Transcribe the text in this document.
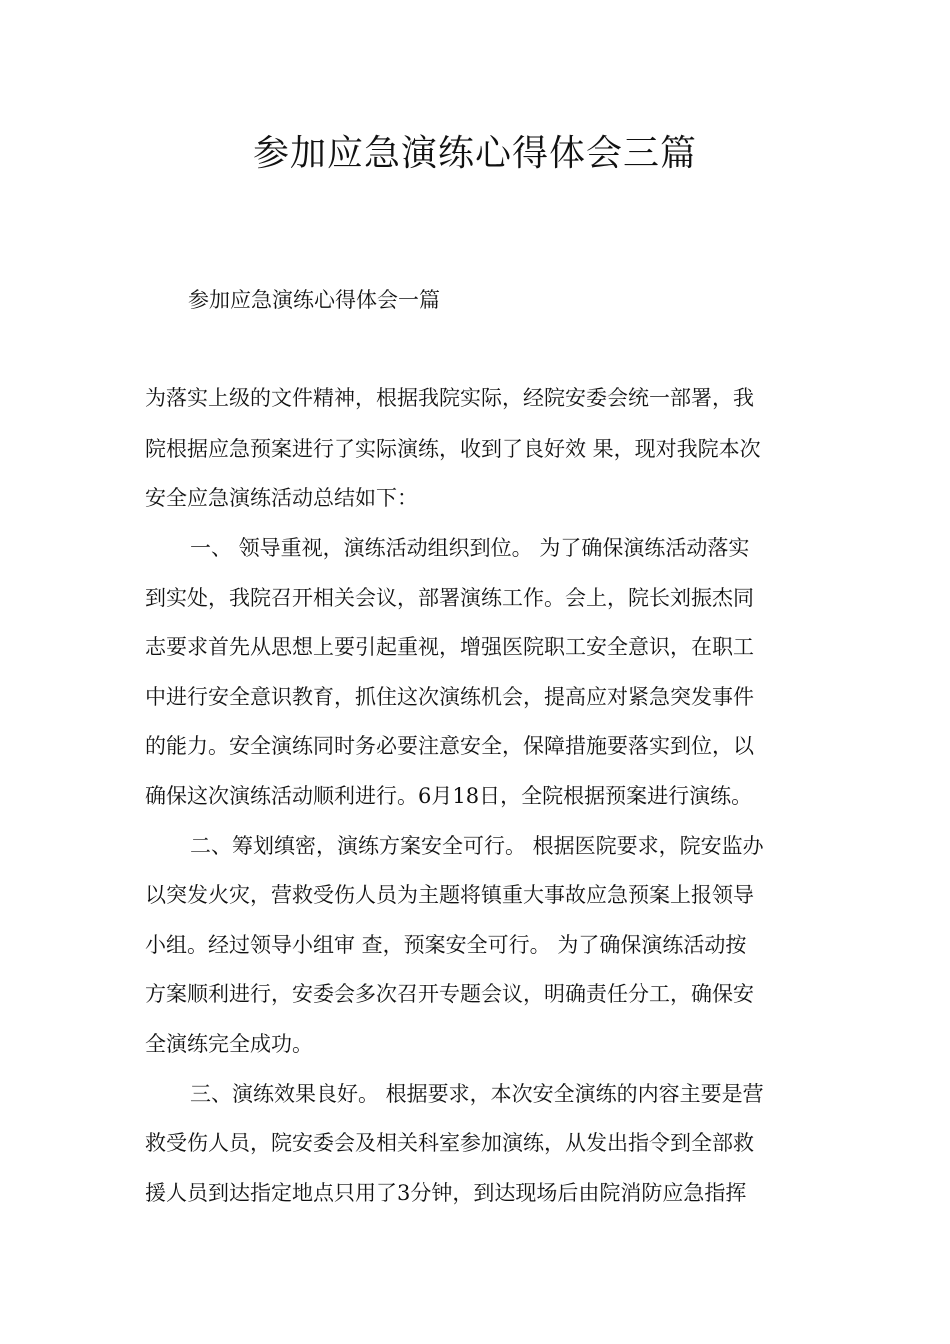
参加应急演练心得体会三篇

参加应急演练心得体会一篇

为落实上级的文件精神，根据我院实际，经院安委会统一部署，我

院根据应急预案进行了实际演练，收到了良好效 果，现对我院本次

安全应急演练活动总结如下：

一、 领导重视，演练活动组织到位。 为了确保演练活动落实

到实处，我院召开相关会议，部署演练工作。会上，院长刘振杰同

志要求首先从思想上要引起重视，增强医院职工安全意识，在职工

中进行安全意识教育，抓住这次演练机会，提高应对紧急突发事件

的能力。安全演练同时务必要注意安全，保障措施要落实到位，以

确保这次演练活动顺利进行。6月18日，全院根据预案进行演练。

二、筹划缜密，演练方案安全可行。 根据医院要求，院安监办

以突发火灾，营救受伤人员为主题将镇重大事故应急预案上报领导

小组。经过领导小组审 查，预案安全可行。 为了确保演练活动按

方案顺利进行，安委会多次召开专题会议，明确责任分工，确保安

全演练完全成功。

三、演练效果良好。 根据要求，本次安全演练的内容主要是营

救受伤人员，院安委会及相关科室参加演练，从发出指令到全部救

援人员到达指定地点只用了3分钟，到达现场后由院消防应急指挥
